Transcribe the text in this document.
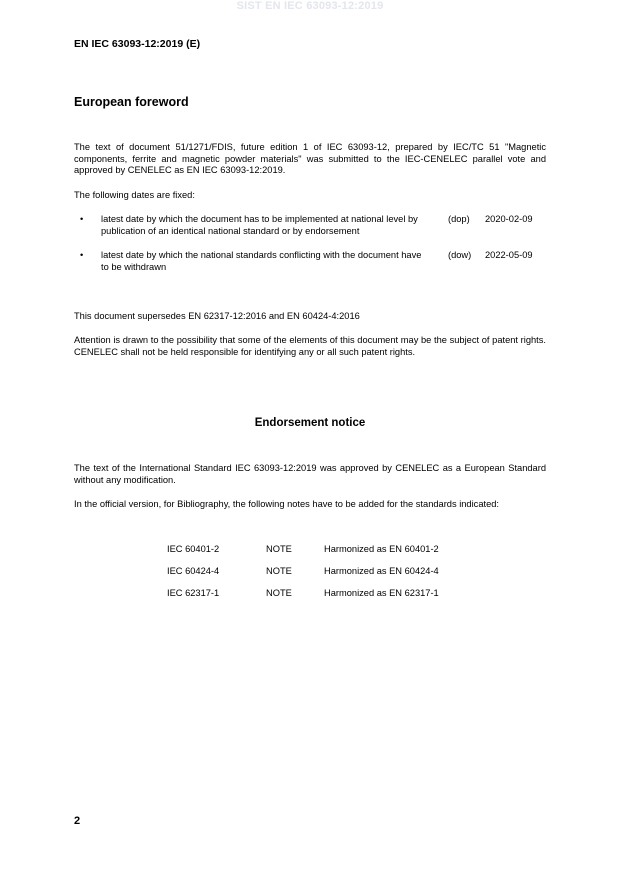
SIST EN IEC 63093-12:2019
EN IEC 63093-12:2019 (E)
European foreword

The text of document 51/1271/FDIS, future edition 1 of IEC 63093-12, prepared by IEC/TC 51 "Magnetic components, ferrite and magnetic powder materials" was submitted to the IEC-CENELEC parallel vote and approved by CENELEC as EN IEC 63093-12:2019.

The following dates are fixed:

• latest date by which the document has to be implemented at national level by publication of an identical national standard or by endorsement
(dop) 2020-02-09
• latest date by which the national standards conflicting with the document have to be withdrawn
(dow) 2022-05-09

This document supersedes EN 62317-12:2016 and EN 60424-4:2016

Attention is drawn to the possibility that some of the elements of this document may be the subject of patent rights. CENELEC shall not be held responsible for identifying any or all such patent rights.

Endorsement notice

The text of the International Standard IEC 63093-12:2019 was approved by CENELEC as a European Standard without any modification.

In the official version, for Bibliography, the following notes have to be added for the standards indicated:

IEC 60401-2	NOTE	Harmonized as EN 60401-2
IEC 60424-4	NOTE	Harmonized as EN 60424-4
IEC 62317-1	NOTE	Harmonized as EN 62317-1
2
